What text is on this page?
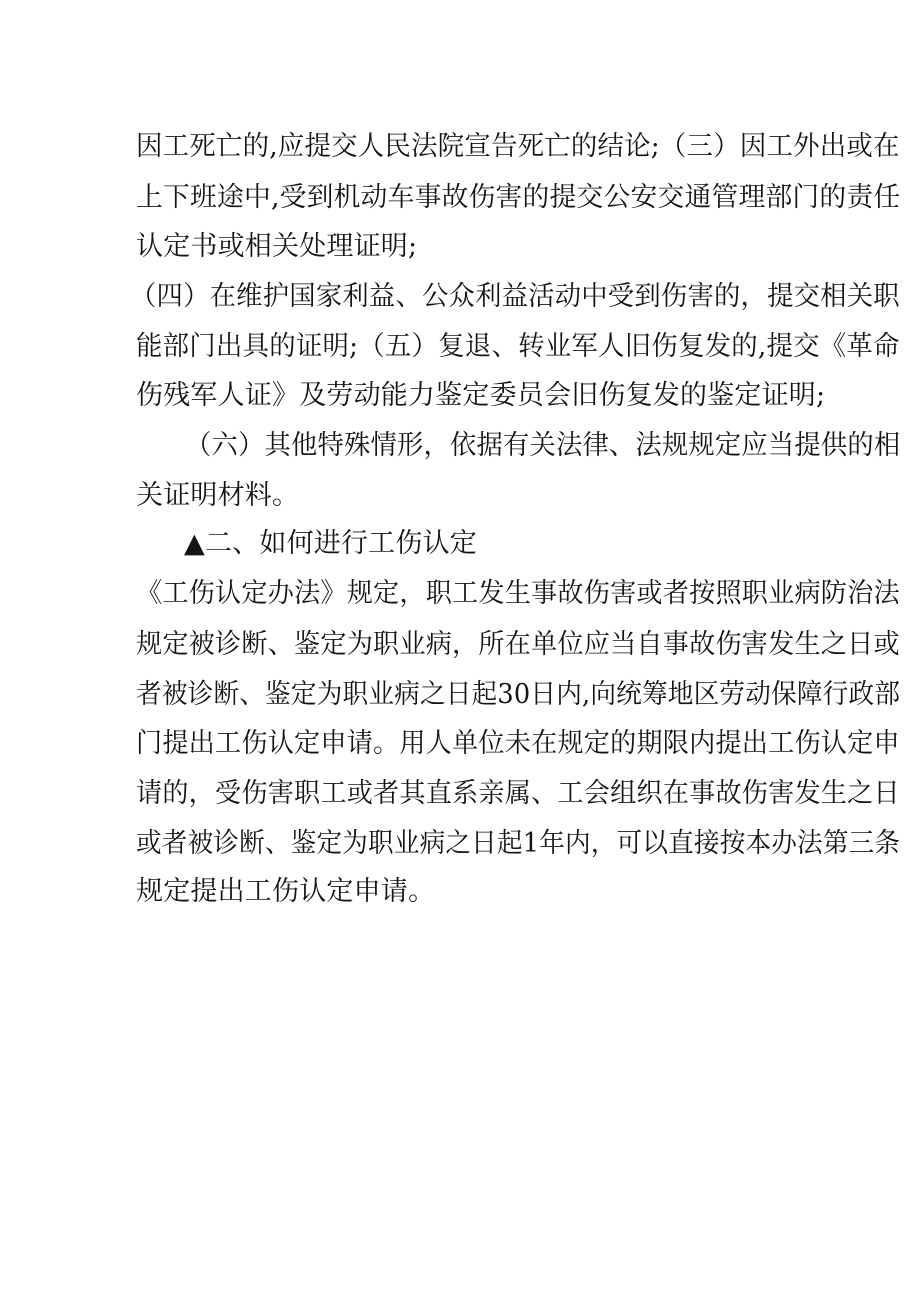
因工死亡的,应提交人民法院宣告死亡的结论;（三）因工外出或在
上下班途中,受到机动车事故伤害的提交公安交通管理部门的责任
认定书或相关处理证明;
（四）在维护国家利益、公众利益活动中受到伤害的，提交相关职
能部门出具的证明;（五）复退、转业军人旧伤复发的,提交《革命
伤残军人证》及劳动能力鉴定委员会旧伤复发的鉴定证明;
（六）其他特殊情形，依据有关法律、法规规定应当提供的相
关证明材料。
▲二、如何进行工伤认定
《工伤认定办法》规定，职工发生事故伤害或者按照职业病防治法
规定被诊断、鉴定为职业病，所在单位应当自事故伤害发生之日或
者被诊断、鉴定为职业病之日起30日内,向统筹地区劳动保障行政部
门提出工伤认定申请。用人单位未在规定的期限内提出工伤认定申
请的，受伤害职工或者其直系亲属、工会组织在事故伤害发生之日
或者被诊断、鉴定为职业病之日起1年内，可以直接按本办法第三条
规定提出工伤认定申请。
